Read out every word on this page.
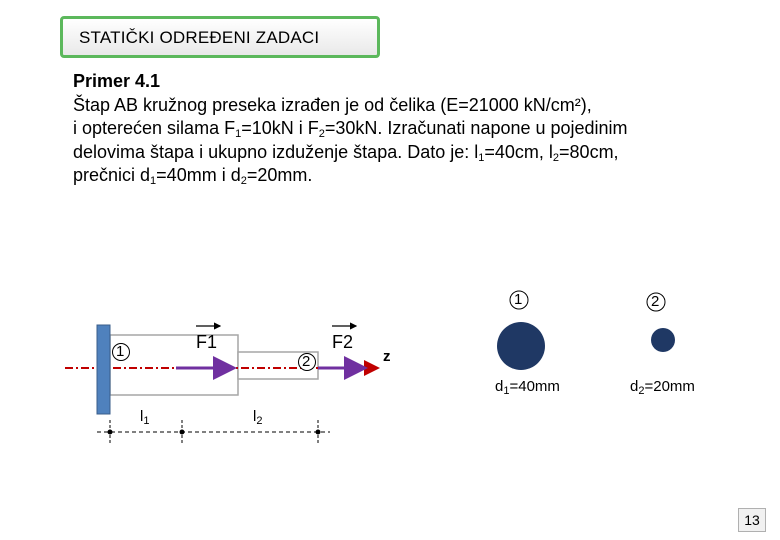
STATIČKI ODREĐENI ZADACI
Primer 4.1
Štap AB kružnog preseka izrađen je od čelika (E=21000 kN/cm²),
i opterećen silama $F_1=10kN$ i $F_2=30kN$. Izračunati napone u pojedinim
delovima štapa i ukupno izduženje štapa. Dato je: $l_1=40cm$, $l_2=80cm$,
prečnici $d_1=40mm$ i $d_2=20mm$.
1
2
F1	F2
z
$l_1$	$l_2$
1	2
$d_1=40mm$	$d_2=20mm$
13
